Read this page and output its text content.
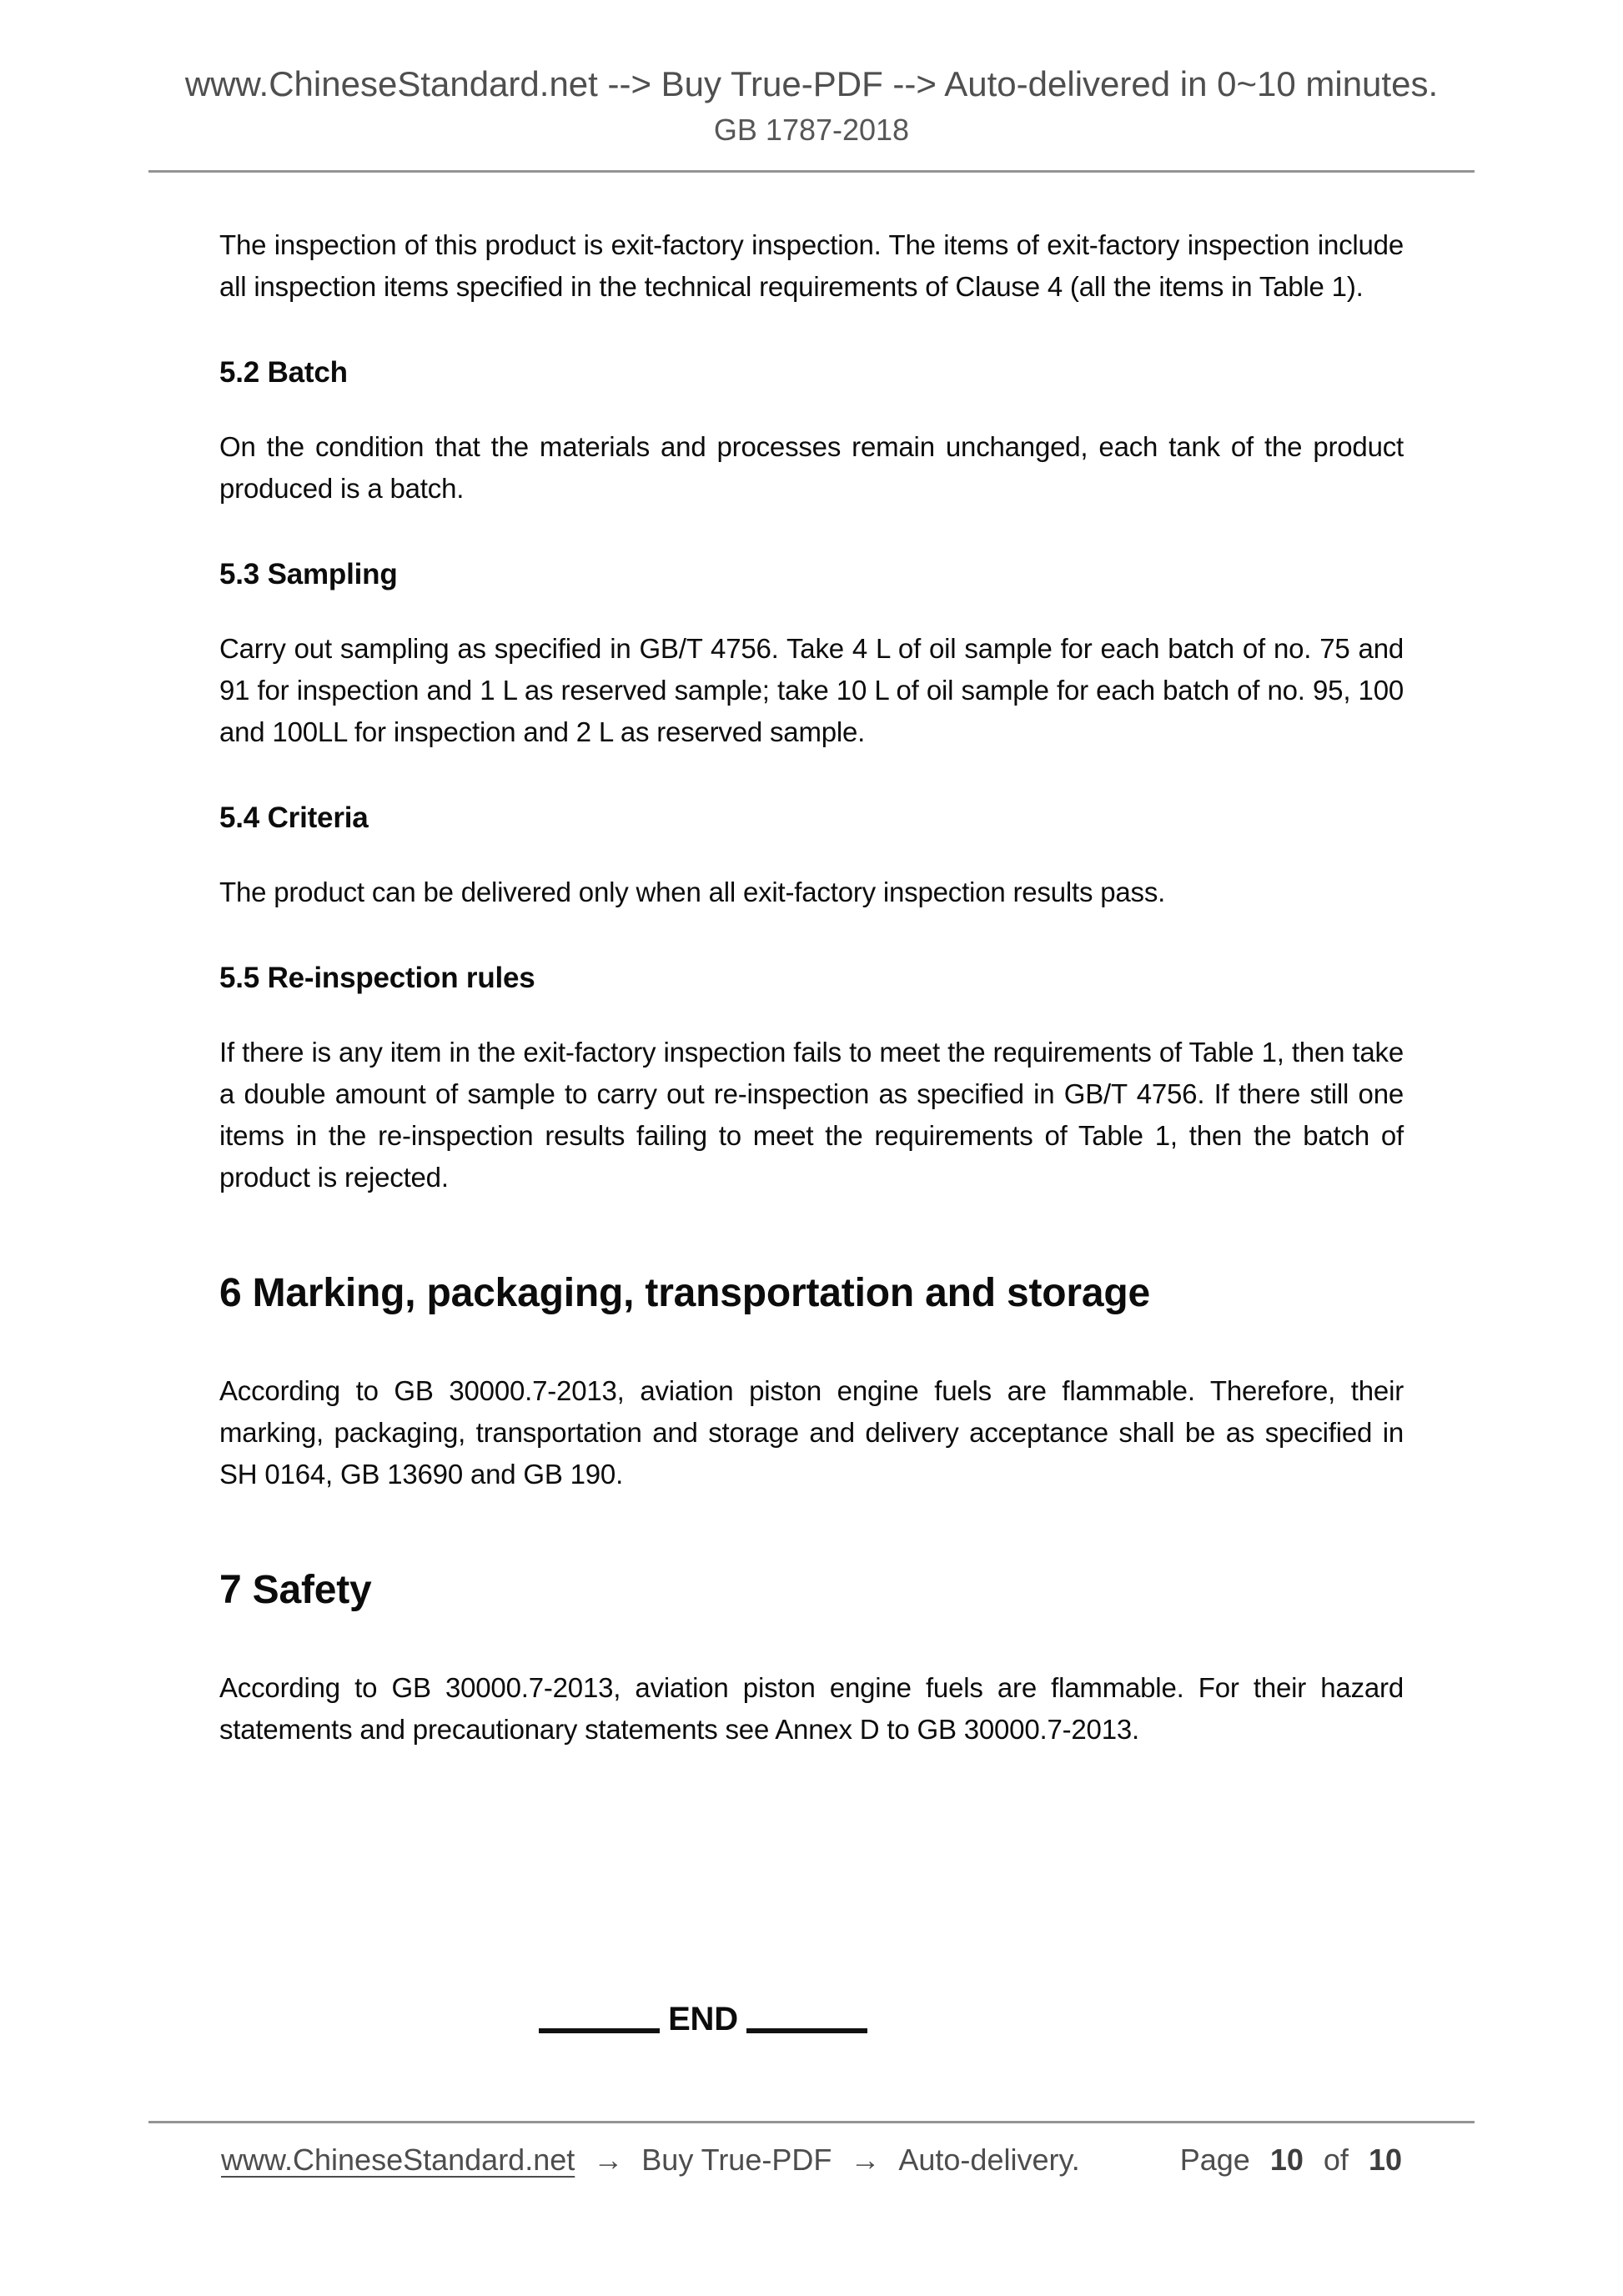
www.ChineseStandard.net --> Buy True-PDF --> Auto-delivered in 0~10 minutes.
GB 1787-2018

The inspection of this product is exit-factory inspection. The items of exit-factory inspection include all inspection items specified in the technical requirements of Clause 4 (all the items in Table 1).

5.2 Batch

On the condition that the materials and processes remain unchanged, each tank of the product produced is a batch.

5.3 Sampling

Carry out sampling as specified in GB/T 4756. Take 4 L of oil sample for each batch of no. 75 and 91 for inspection and 1 L as reserved sample; take 10 L of oil sample for each batch of no. 95, 100 and 100LL for inspection and 2 L as reserved sample.

5.4 Criteria

The product can be delivered only when all exit-factory inspection results pass.

5.5 Re-inspection rules

If there is any item in the exit-factory inspection fails to meet the requirements of Table 1, then take a double amount of sample to carry out re-inspection as specified in GB/T 4756. If there still one items in the re-inspection results failing to meet the requirements of Table 1, then the batch of product is rejected.

6 Marking, packaging, transportation and storage

According to GB 30000.7-2013, aviation piston engine fuels are flammable. Therefore, their marking, packaging, transportation and storage and delivery acceptance shall be as specified in SH 0164, GB 13690 and GB 190.

7 Safety

According to GB 30000.7-2013, aviation piston engine fuels are flammable. For their hazard statements and precautionary statements see Annex D to GB 30000.7-2013.

END
www.ChineseStandard.net → Buy True-PDF → Auto-delivery.	Page 10 of 10
